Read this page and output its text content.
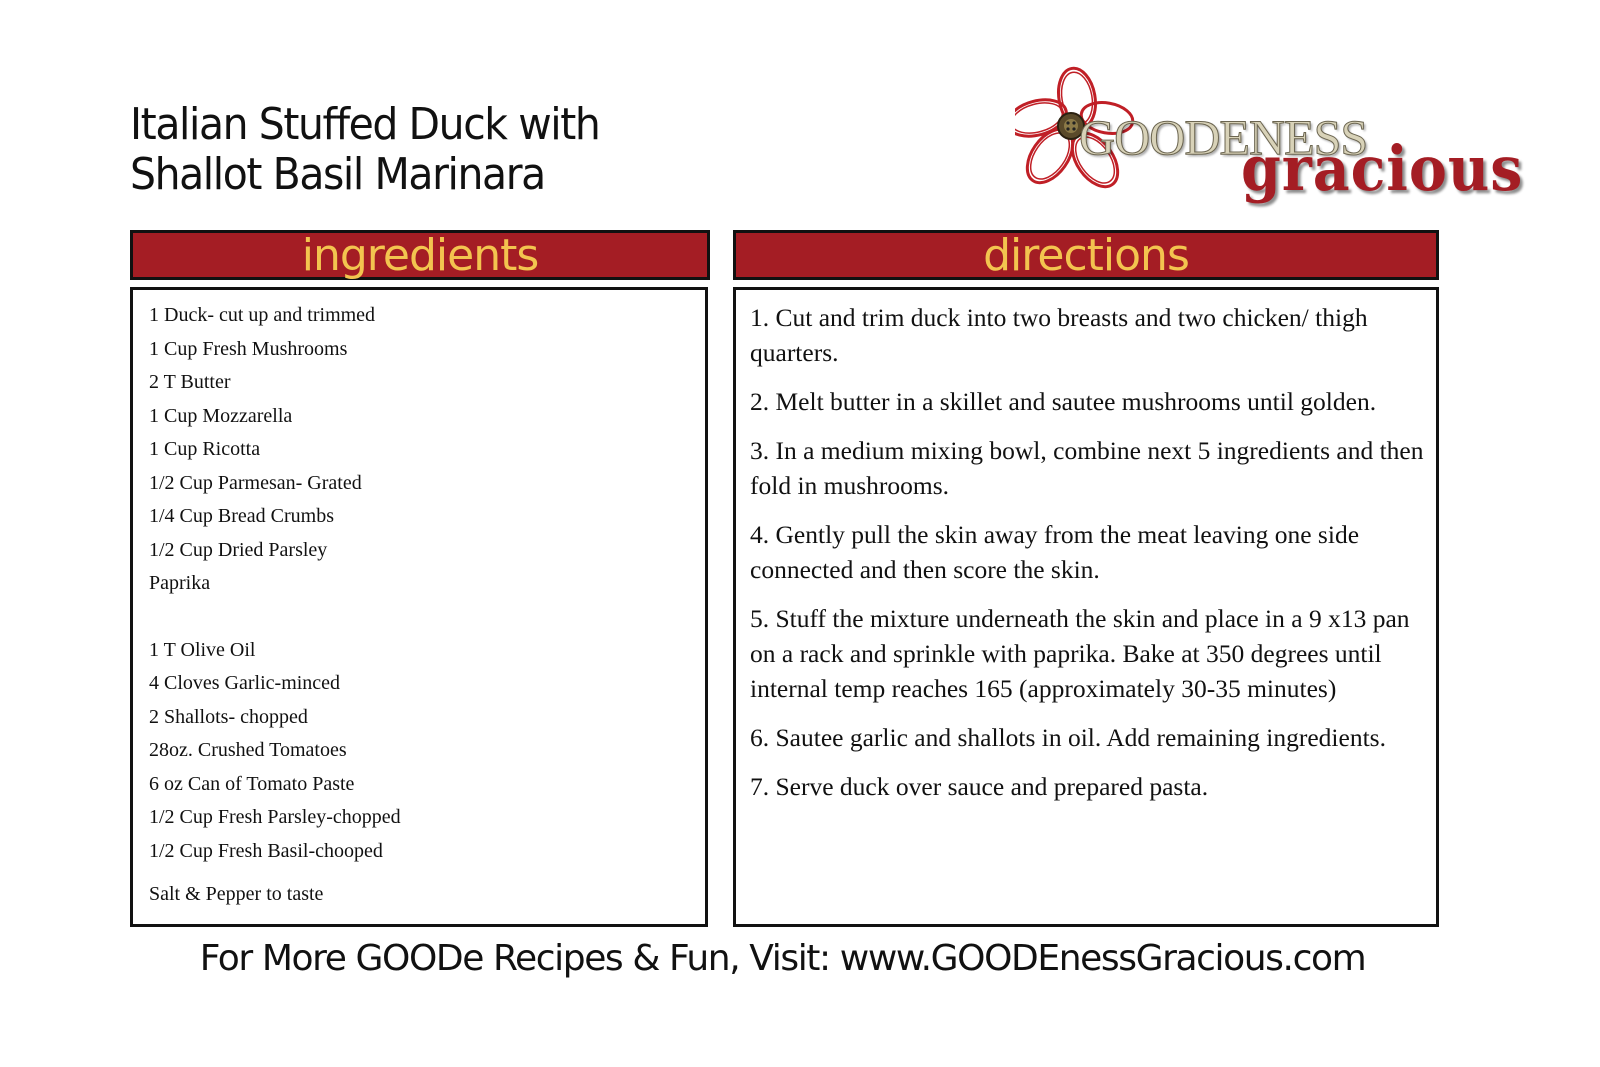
Italian Stuffed Duck with
Shallot Basil Marinara
GOODENESS
gracious
ingredients	directions
1 Duck- cut up and trimmed
1 Cup Fresh Mushrooms
2 T Butter
1 Cup Mozzarella
1 Cup Ricotta
1/2 Cup Parmesan- Grated
1/4 Cup Bread Crumbs
1/2 Cup Dried Parsley
Paprika
1 T Olive Oil
4 Cloves Garlic-minced
2 Shallots- chopped
28oz. Crushed Tomatoes
6 oz Can of Tomato Paste
1/2 Cup Fresh Parsley-chopped
1/2 Cup Fresh Basil-chooped
Salt & Pepper to taste
1. Cut and trim duck into two breasts and two chicken/ thigh quarters.
2. Melt butter in a skillet and sautee mushrooms until golden.
3. In a medium mixing bowl, combine next 5 ingredients and then fold in mushrooms.
4. Gently pull the skin away from the meat leaving one side connected and then score the skin.
5. Stuff the mixture underneath the skin and place in a 9 x13 pan on a rack and sprinkle with paprika. Bake at 350 degrees until internal temp reaches 165 (approximately 30-35 minutes)
6. Sautee garlic and shallots in oil. Add remaining ingredients.
7. Serve duck over sauce and prepared pasta.
For More GOODe Recipes & Fun, Visit: www.GOODEnessGracious.com
